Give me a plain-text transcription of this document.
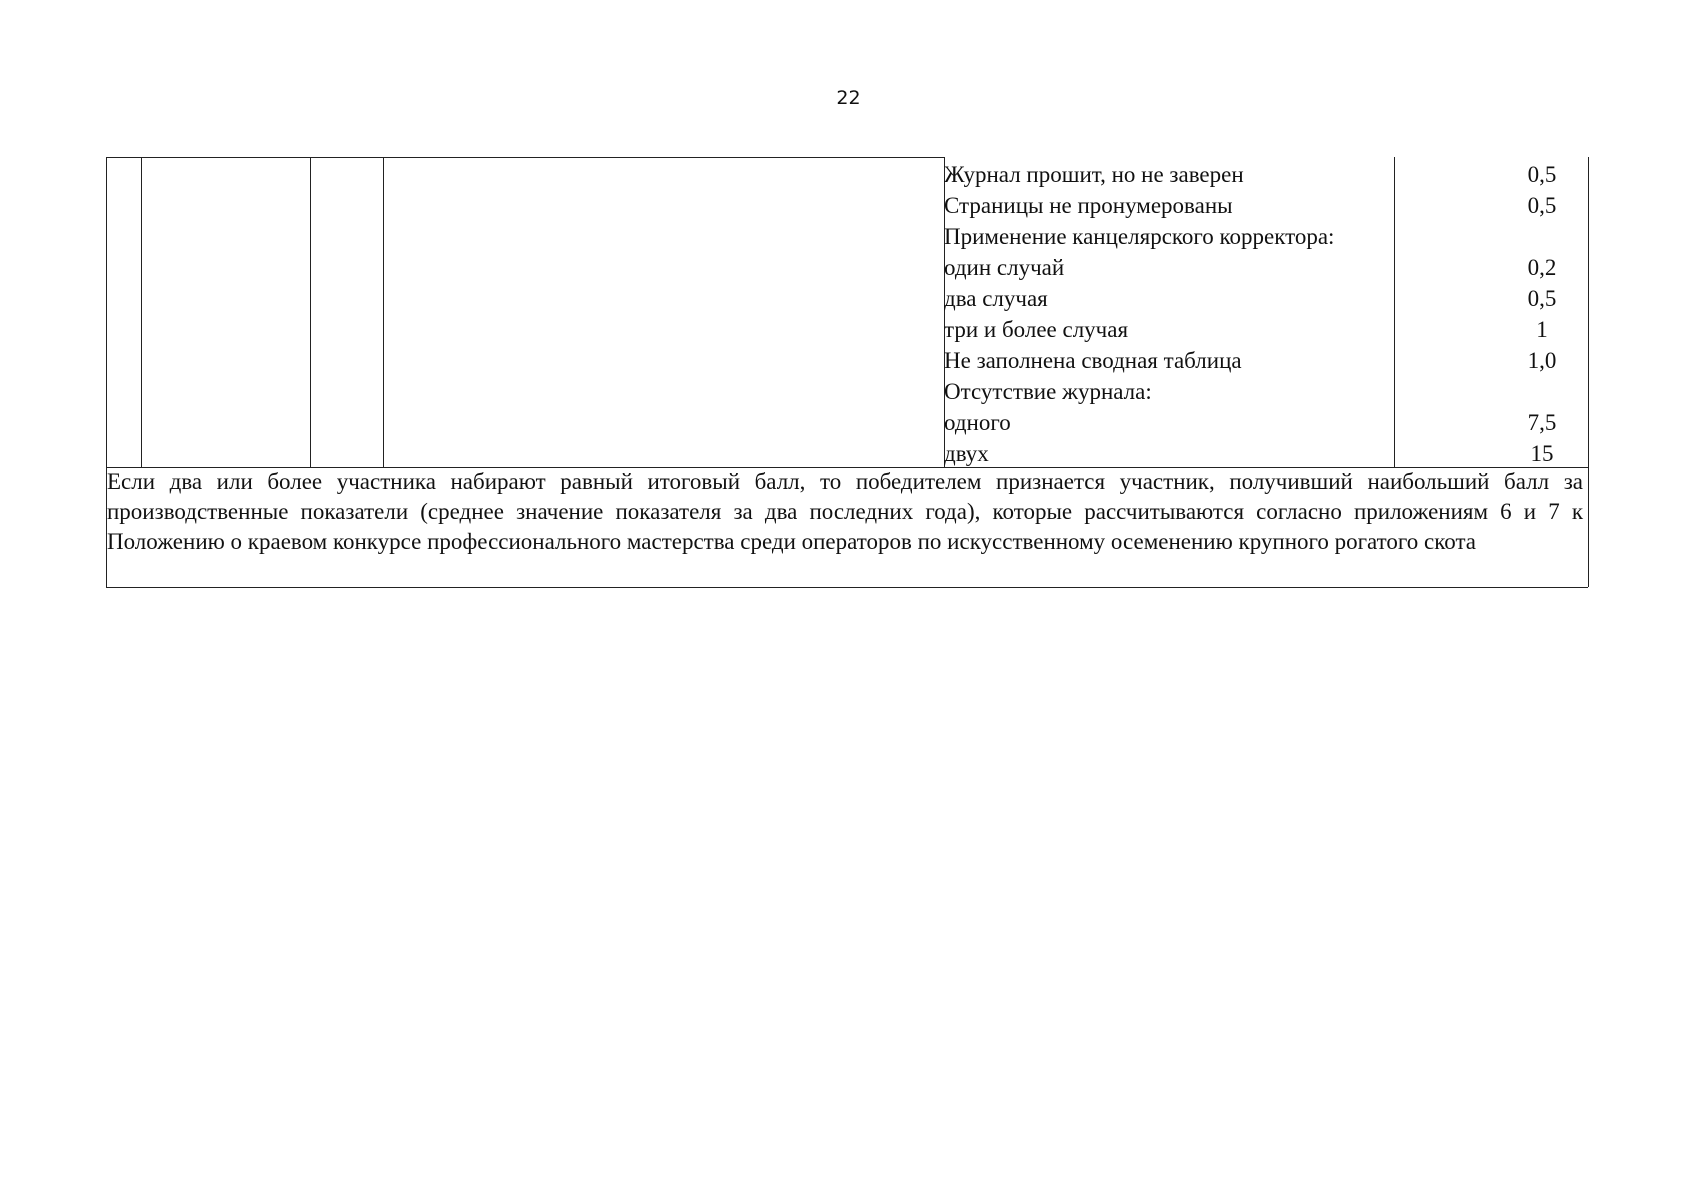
22
Журнал прошит, но не заверен	0,5
Страницы не пронумерованы	0,5
Применение канцелярского корректора:
один случай	0,2
два случая	0,5
три и более случая	1
Не заполнена сводная таблица	1,0
Отсутствие журнала:
одного	7,5
двух	15
Если два или более участника набирают равный итоговый балл, то победителем признается участник, получивший наибольший балл за производственные показатели (среднее значение показателя за два последних года), которые рассчитываются согласно приложениям 6 и 7 к Положению о краевом конкурсе профессионального мастерства среди операторов по искусственному осеменению крупного рогатого скота
